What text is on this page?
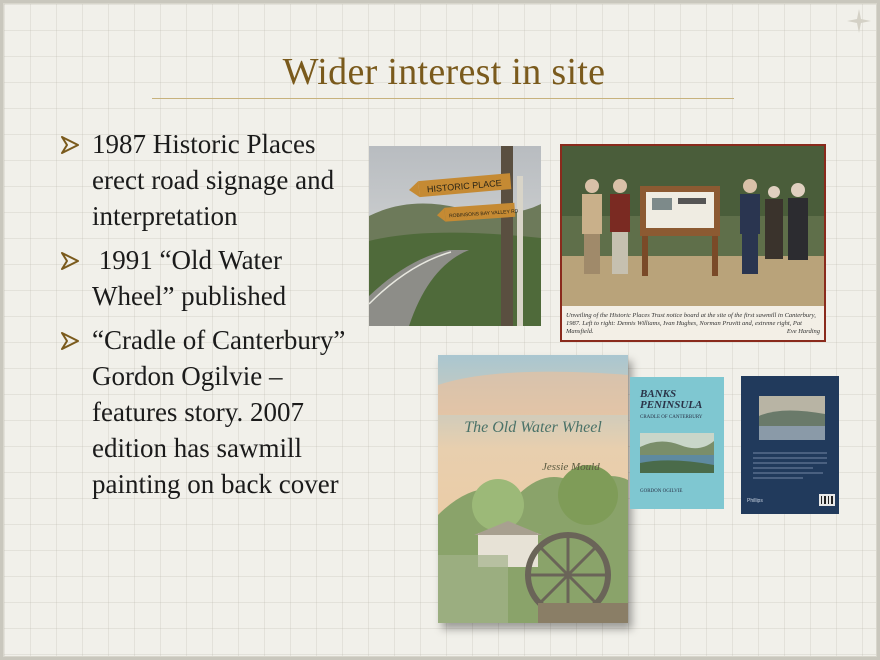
Wider interest in site
1987 Historic Places erect road signage and interpretation
1991 “Old Water Wheel” published
“Cradle of Canterbury” Gordon Ogilvie – features story. 2007 edition has sawmill painting on back cover
HISTORIC PLACE
ROBINSONS BAY VALLEY RD
Unveiling of the Historic Places Trust notice board at the site of the first sawmill in Canterbury, 1987. Left to right: Dennis Williams, Ivan Hughes, Norman Pruvitt and, extreme right, Pat Mansfield.	Eve Harding
The Old Water Wheel
Jessie Mould
BANKS
PENINSULA
CRADLE OF CANTERBURY
GORDON OGILVIE
Phillips
